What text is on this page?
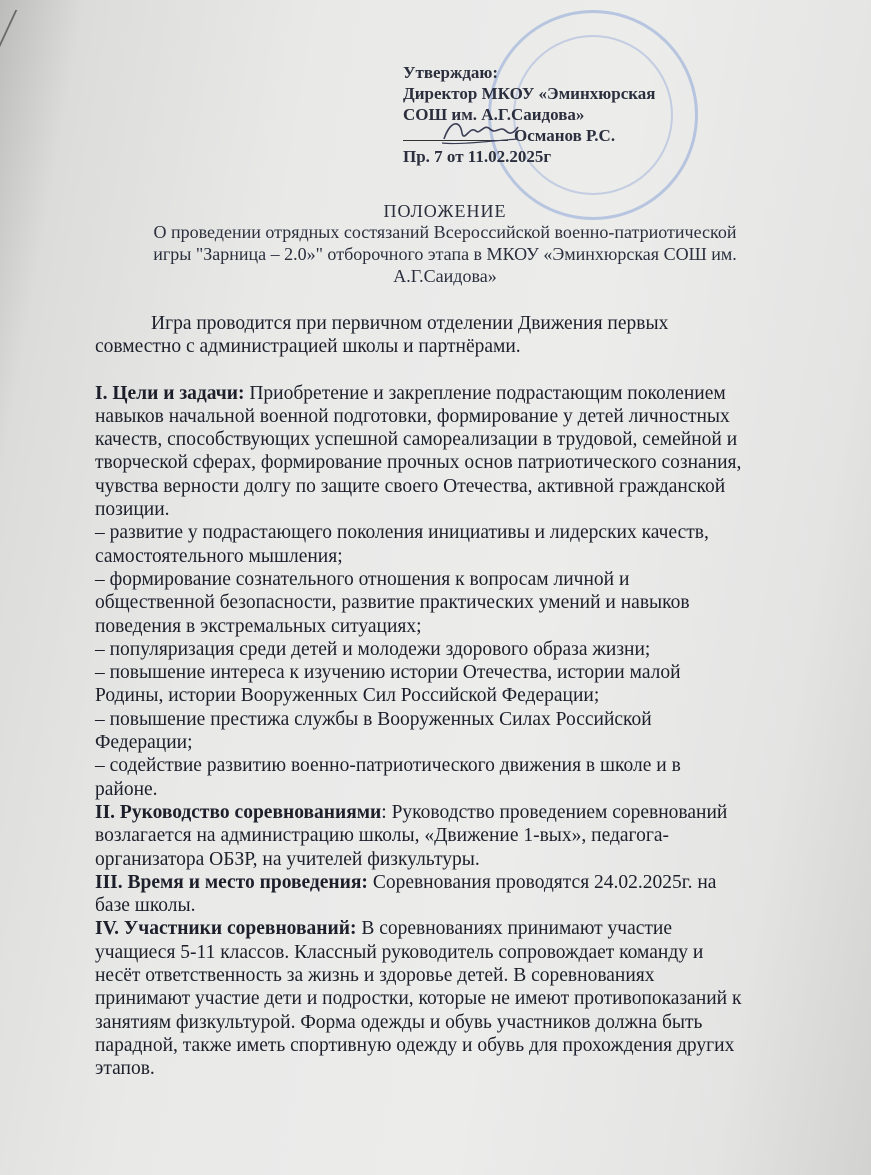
Утверждаю:
Директор МКОУ «Эминхюрская
СОШ им. А.Г.Саидова»
Османов Р.С.
Пр. 7 от 11.02.2025г
ПОЛОЖЕНИЕ
О проведении отрядных состязаний Всероссийской военно-патриотической
игры "Зарница – 2.0»" отборочного этапа в МКОУ «Эминхюрская СОШ им.
А.Г.Саидова»

Игра проводится при первичном отделении Движения первых

совместно с администрацией школы и партнёрами.

I. Цели и задачи: Приобретение и закрепление подрастающим поколением

навыков начальной военной подготовки, формирование у детей личностных

качеств, способствующих успешной самореализации в трудовой, семейной и

творческой сферах, формирование прочных основ патриотического сознания,

чувства верности долгу по защите своего Отечества, активной гражданской

позиции.

– развитие у подрастающего поколения инициативы и лидерских качеств,

самостоятельного мышления;

– формирование сознательного отношения к вопросам личной и

общественной безопасности, развитие практических умений и навыков

поведения в экстремальных ситуациях;

– популяризация среди детей и молодежи здорового образа жизни;

– повышение интереса к изучению истории Отечества, истории малой

Родины, истории Вооруженных Сил Российской Федерации;

– повышение престижа службы в Вооруженных Силах Российской

Федерации;

– содействие развитию военно-патриотического движения в школе и в

районе.

II. Руководство соревнованиями: Руководство проведением соревнований

возлагается на администрацию школы, «Движение 1-вых», педагога-

организатора ОБЗР, на учителей физкультуры.

III. Время и место проведения: Соревнования проводятся 24.02.2025г. на

базе школы.

IV. Участники соревнований: В соревнованиях принимают участие

учащиеся 5-11 классов. Классный руководитель сопровождает команду и

несёт ответственность за жизнь и здоровье детей. В соревнованиях

принимают участие дети и подростки, которые не имеют противопоказаний к

занятиям физкультурой. Форма одежды и обувь участников должна быть

парадной, также иметь спортивную одежду и обувь для прохождения других

этапов.
